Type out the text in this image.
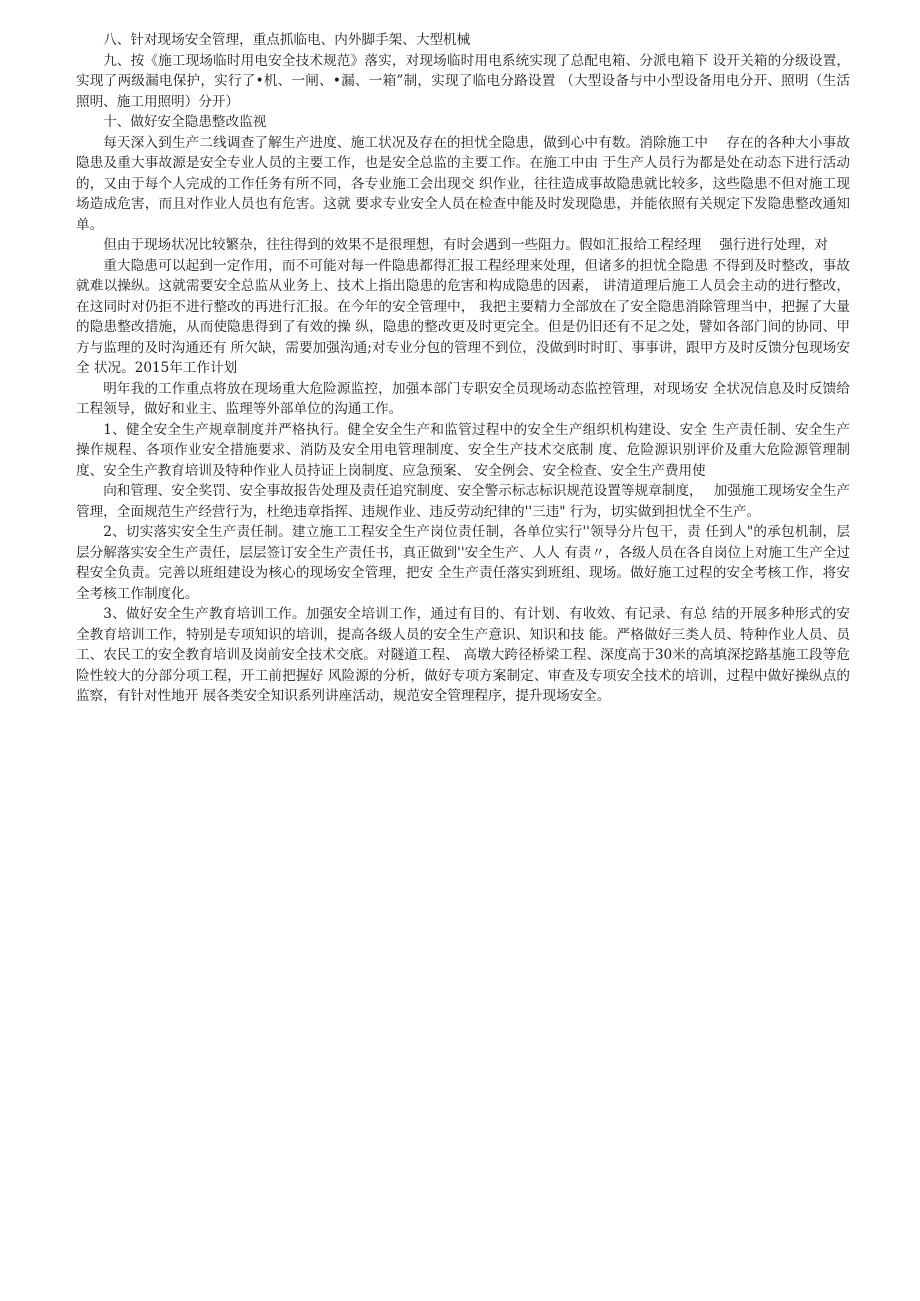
八、针对现场安全管理，重点抓临电、内外脚手架、大型机械

九、按《施工现场临时用电安全技术规范》落实，对现场临时用电系统实现了总配电箱、分派电箱下 设开关箱的分级设置，实现了两级漏电保护，实行了•机、一闸、•漏、一箱”制，实现了临电分路设置 （大型设备与中小型设备用电分开、照明（生活照明、施工用照明）分开）

十、做好安全隐患整改监视

每天深入到生产二线调查了解生产进度、施工状况及存在的担忧全隐患，做到心中有数。消除施工中　 存在的各种大小事故隐患及重大事故源是安全专业人员的主要工作，也是安全总监的主要工作。在施工中由 于生产人员行为都是处在动态下进行活动的，又由于每个人完成的工作任务有所不同，各专业施工会出现交 织作业，往往造成事故隐患就比较多，这些隐患不但对施工现场造成危害，而且对作业人员也有危害。这就 要求专业安全人员在检查中能及时发现隐患，并能依照有关规定下发隐患整改通知单。

但由于现场状况比较繁杂，往往得到的效果不是很理想，有时会遇到一些阻力。假如汇报给工程经理　 强行进行处理，对

重大隐患可以起到一定作用，而不可能对每一件隐患都得汇报工程经理来处理，但诸多的担忧全隐患 不得到及时整改，事故就难以操纵。这就需要安全总监从业务上、技术上指出隐患的危害和构成隐患的因素， 讲清道理后施工人员会主动的进行整改，在这同时对仍拒不进行整改的再进行汇报。在今年的安全管理中， 我把主要精力全部放在了安全隐患消除管理当中，把握了大量的隐患整改措施，从而使隐患得到了有效的操 纵，隐患的整改更及时更完全。但是仍旧还有不足之处，譬如各部门间的协同、甲方与监理的及时沟通还有 所欠缺，需要加强沟通;对专业分包的管理不到位，没做到时时盯、事事讲，跟甲方及时反馈分包现场安全 状况。2015年工作计划

明年我的工作重点将放在现场重大危险源监控，加强本部门专职安全员现场动态监控管理，对现场安 全状况信息及时反馈给工程领导，做好和业主、监理等外部单位的沟通工作。

1、健全安全生产规章制度并严格执行。健全安全生产和监管过程中的安全生产组织机构建设、安全 生产责任制、安全生产操作规程、各项作业安全措施要求、消防及安全用电管理制度、安全生产技术交底制 度、危险源识别评价及重大危险源管理制度、安全生产教育培训及特种作业人员持证上岗制度、应急预案、 安全例会、安全检查、安全生产费用使

向和管理、安全奖罚、安全事故报告处理及责任追究制度、安全警示标志标识规范设置等规章制度，　 加强施工现场安全生产管理，全面规范生产经营行为，杜绝违章指挥、违规作业、违反劳动纪律的''三违" 行为，切实做到担忧全不生产。

2、切实落实安全生产责任制。建立施工工程安全生产岗位责任制，各单位实行''领导分片包干，责 任到人"的承包机制，层层分解落实安全生产责任，层层签订安全生产责任书，真正做到''安全生产、人人 有责〃，各级人员在各自岗位上对施工生产全过程安全负责。完善以班组建设为核心的现场安全管理，把安 全生产责任落实到班组、现场。做好施工过程的安全考核工作，将安全考核工作制度化。

3、做好安全生产教育培训工作。加强安全培训工作，通过有目的、有计划、有收效、有记录、有总 结的开展多种形式的安全教育培训工作，特别是专项知识的培训，提高各级人员的安全生产意识、知识和技 能。严格做好三类人员、特种作业人员、员工、农民工的安全教育培训及岗前安全技术交底。对隧道工程、 高墩大跨径桥梁工程、深度高于30米的高填深挖路基施工段等危险性较大的分部分项工程，开工前把握好 风险源的分析，做好专项方案制定、审查及专项安全技术的培训，过程中做好操纵点的监察，有针对性地开 展各类安全知识系列讲座活动，规范安全管理程序，提升现场安全。
